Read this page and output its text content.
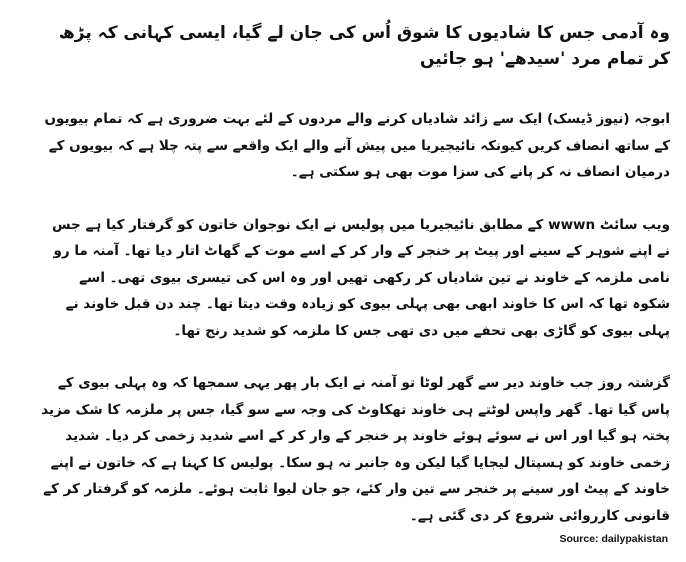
وہ آدمی جس کا شادیوں کا شوق اُس کی جان لے گیا، ایسی کہانی کہ پڑھ کر تمام مرد 'سیدھے' ہو جائیں

ابوجہ (نیوز ڈیسک) ایک سے زائد شادیاں کرنے والے مردوں کے لئے بہت ضروری ہے کہ تمام بیویوں کے ساتھ انصاف کریں کیونکہ نائیجیریا میں پیش آنے والے ایک واقعے سے پتہ چلا ہے کہ بیویوں کے درمیان انصاف نہ کر پانے کی سزا موت بھی ہو سکتی ہے۔

ویب سائٹ wwwn کے مطابق نائیجیریا میں پولیس نے ایک نوجوان خاتون کو گرفتار کیا ہے جس نے اپنے شوہر کے سینے اور پیٹ پر خنجر کے وار کر کے اسے موت کے گھاٹ اتار دیا تھا۔ آمنہ ما رو نامی ملزمہ کے خاوند نے تین شادیاں کر رکھی تھیں اور وہ اس کی تیسری بیوی تھی۔ اسے شکوہ تھا کہ اس کا خاوند ابھی بھی پہلی بیوی کو زیادہ وقت دیتا تھا۔ چند دن قبل خاوند نے پہلی بیوی کو گاڑی بھی تحفے میں دی تھی جس کا ملزمہ کو شدید رنج تھا۔

گزشتہ روز جب خاوند دیر سے گھر لوٹا تو آمنہ نے ایک بار پھر یہی سمجھا کہ وہ پہلی بیوی کے پاس گیا تھا۔ گھر واپس لوٹتے ہی خاوند تھکاوٹ کی وجہ سے سو گیا، جس پر ملزمہ کا شک مزید پختہ ہو گیا اور اس نے سوئے ہوئے خاوند پر خنجر کے وار کر کے اسے شدید زخمی کر دیا۔ شدید زخمی خاوند کو ہسپتال لیجایا گیا لیکن وہ جانبر نہ ہو سکا۔ پولیس کا کہنا ہے کہ خاتون نے اپنے خاوند کے پیٹ اور سینے پر خنجر سے تین وار کئے، جو جان لیوا ثابت ہوئے۔ ملزمہ کو گرفتار کر کے قانونی کارروائی شروع کر دی گئی ہے۔

Source: dailypakistan
